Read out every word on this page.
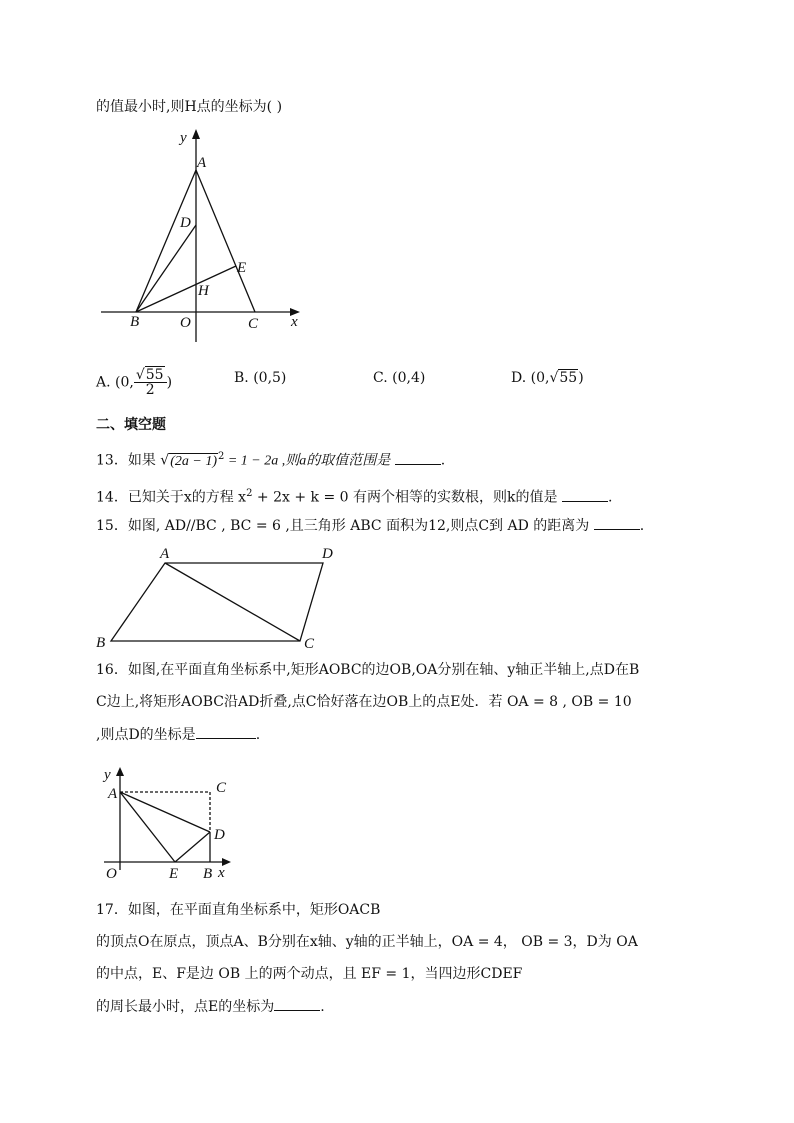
的值最小时,则H点的坐标为( )
y
A
D
E
H
B	O	C x
A. (0, $\frac{√55}{2}$ )	B. (0,5)	C. (0,4)	D. (0,√55)
二、填空题
13．如果 $√(2a - 1)^2 = 1 - 2a$ ,则a的取值范围是	.
14．已知关于x的方程 $x^2 + 2x + k = 0$ 有两个相等的实数根，则k的值是	.
15．如图, AD//BC , BC = 6 ,且三角形 ABC 面积为12,则点C到 AD 的距离为	.
A	D
B	C
16．如图,在平面直角坐标系中,矩形AOBC的边OB,OA分别在轴、y轴正半轴上,点D在B
C边上,将矩形AOBC沿AD折叠,点C恰好落在边OB上的点E处．若 OA = 8 , OB = 10
,则点D的坐标是	.
y
A	C
D
O	E B x
17．如图，在平面直角坐标系中，矩形OACB
的顶点O在原点，顶点A、B分别在x轴、y轴的正半轴上，OA = 4， OB = 3，D为 OA
的中点，E、F是边 OB 上的两个动点，且 EF = 1，当四边形CDEF
的周长最小时，点E的坐标为	.
